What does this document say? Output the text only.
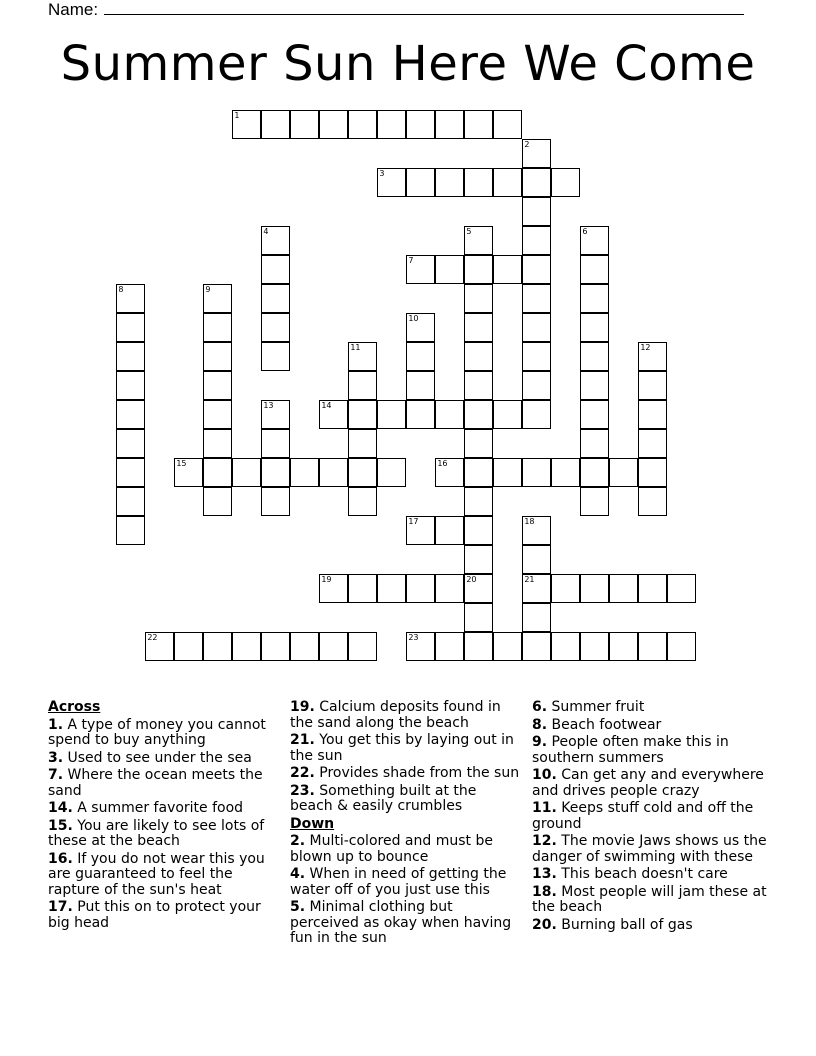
Name:
Summer Sun Here We Come
1
2
3
4	5
20
6
7
8	9
10
11	12
13	14
15	16
17	18
21
19
22	23
Across
1. A type of money you cannot spend to buy anything
3. Used to see under the sea
7. Where the ocean meets the sand
14. A summer favorite food
15. You are likely to see lots of these at the beach
16. If you do not wear this you are guaranteed to feel the rapture of the sun's heat
17. Put this on to protect your big head
19. Calcium deposits found in the sand along the beach
21. You get this by laying out in the sun
22. Provides shade from the sun
23. Something built at the beach & easily crumbles
Down
2. Multi-colored and must be blown up to bounce
4. When in need of getting the water off of you just use this
5. Minimal clothing but perceived as okay when having fun in the sun
6. Summer fruit
8. Beach footwear
9. People often make this in southern summers
10. Can get any and everywhere and drives people crazy
11. Keeps stuff cold and off the ground
12. The movie Jaws shows us the danger of swimming with these
13. This beach doesn't care
18. Most people will jam these at the beach
20. Burning ball of gas
